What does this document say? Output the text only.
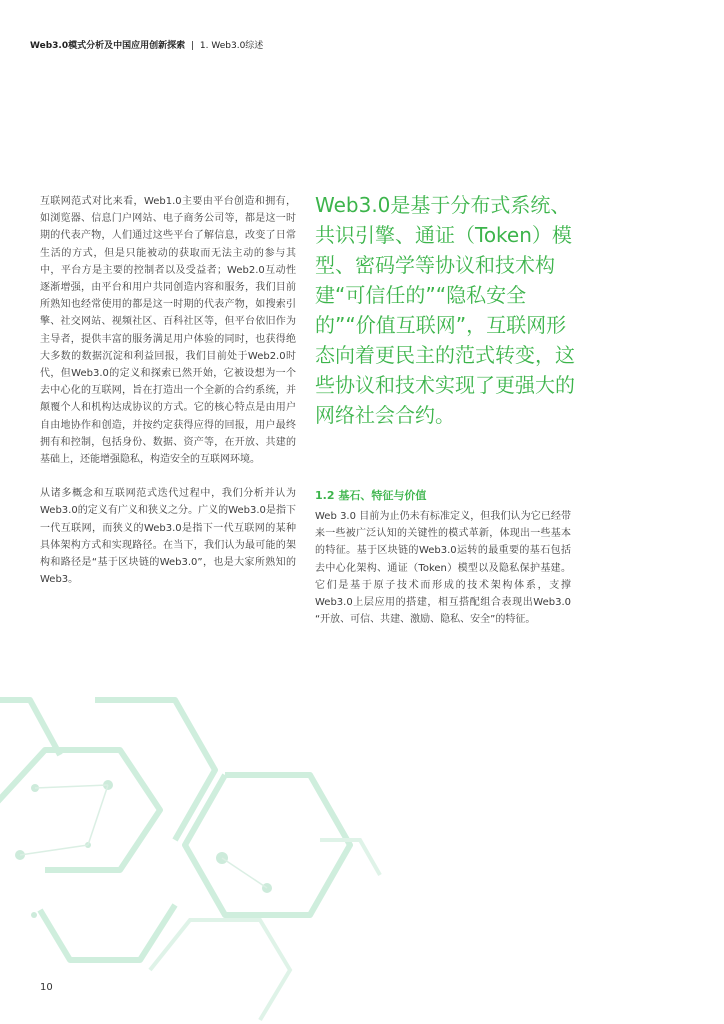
Web3.0模式分析及中国应用创新探索 | 1. Web3.0综述

互联网范式对比来看，Web1.0主要由平台创造和拥有，如浏览器、信息门户网站、电子商务公司等，都是这一时期的代表产物，人们通过这些平台了解信息，改变了日常生活的方式，但是只能被动的获取而无法主动的参与其中，平台方是主要的控制者以及受益者；Web2.0互动性逐渐增强，由平台和用户共同创造内容和服务，我们目前所熟知也经常使用的都是这一时期的代表产物，如搜索引擎、社交网站、视频社区、百科社区等，但平台依旧作为主导者，提供丰富的服务满足用户体验的同时，也获得绝大多数的数据沉淀和利益回报，我们目前处于Web2.0时代，但Web3.0的定义和探索已然开始，它被设想为一个去中心化的互联网，旨在打造出一个全新的合约系统，并颠覆个人和机构达成协议的方式。它的核心特点是由用户自由地协作和创造，并按约定获得应得的回报，用户最终拥有和控制，包括身份、数据、资产等，在开放、共建的基础上，还能增强隐私，构造安全的互联网环境。

从诸多概念和互联网范式迭代过程中，我们分析并认为Web3.0的定义有广义和狭义之分。广义的Web3.0是指下一代互联网，而狭义的Web3.0是指下一代互联网的某种具体架构方式和实现路径。在当下，我们认为最可能的架构和路径是“基于区块链的Web3.0”，也是大家所熟知的Web3。

Web3.0是基于分布式系统、共识引擎、通证（Token）模型、密码学等协议和技术构建“可信任的”“隐私安全的”“价值互联网”，互联网形态向着更民主的范式转变，这些协议和技术实现了更强大的网络社会合约。
1.2 基石、特征与价值
Web 3.0 目前为止仍未有标准定义，但我们认为它已经带来一些被广泛认知的关键性的模式革新，体现出一些基本的特征。基于区块链的Web3.0运转的最重要的基石包括去中心化架构、通证（Token）模型以及隐私保护基建。它们是基于原子技术而形成的技术架构体系，支撑Web3.0上层应用的搭建，相互搭配组合表现出Web3.0 “开放、可信、共建、激励、隐私、安全”的特征。
10
